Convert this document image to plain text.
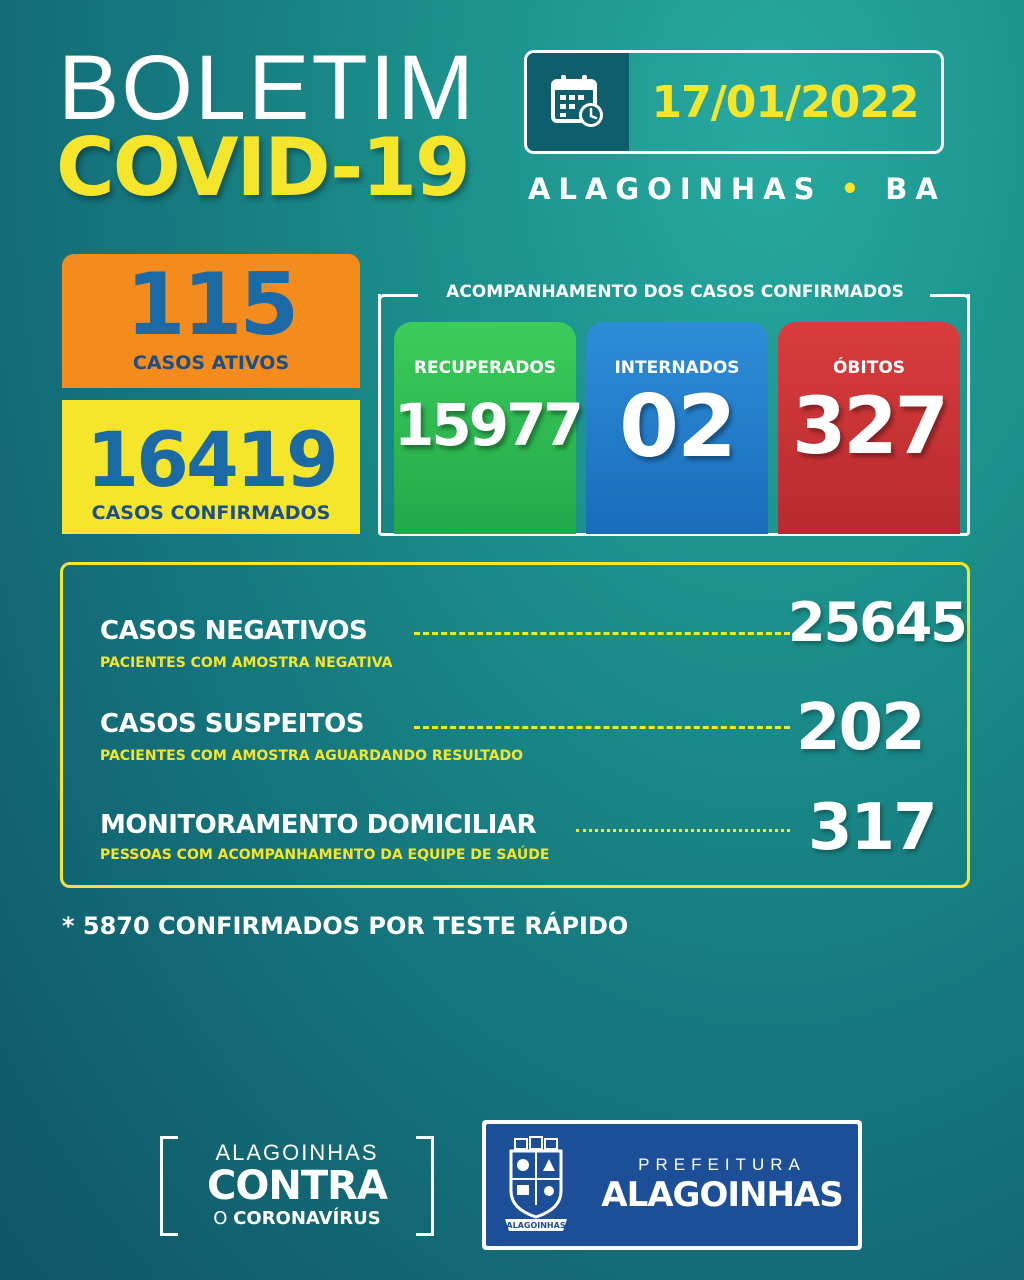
BOLETIM
COVID-19
17/01/2022
ALAGOINHAS • BA
115
CASOS ATIVOS
16419
CASOS CONFIRMADOS
ACOMPANHAMENTO DOS CASOS CONFIRMADOS
RECUPERADOS
15977
INTERNADOS
02
ÓBITOS
327
CASOS NEGATIVOS	25645
PACIENTES COM AMOSTRA NEGATIVA
CASOS SUSPEITOS	202
PACIENTES COM AMOSTRA AGUARDANDO RESULTADO
MONITORAMENTO DOMICILIAR	317
PESSOAS COM ACOMPANHAMENTO DA EQUIPE DE SAÚDE
* 5870 CONFIRMADOS POR TESTE RÁPIDO
ALAGOINHAS
CONTRA
O CORONAVÍRUS	ALAGOINHAS
PREFEITURA
ALAGOINHAS
